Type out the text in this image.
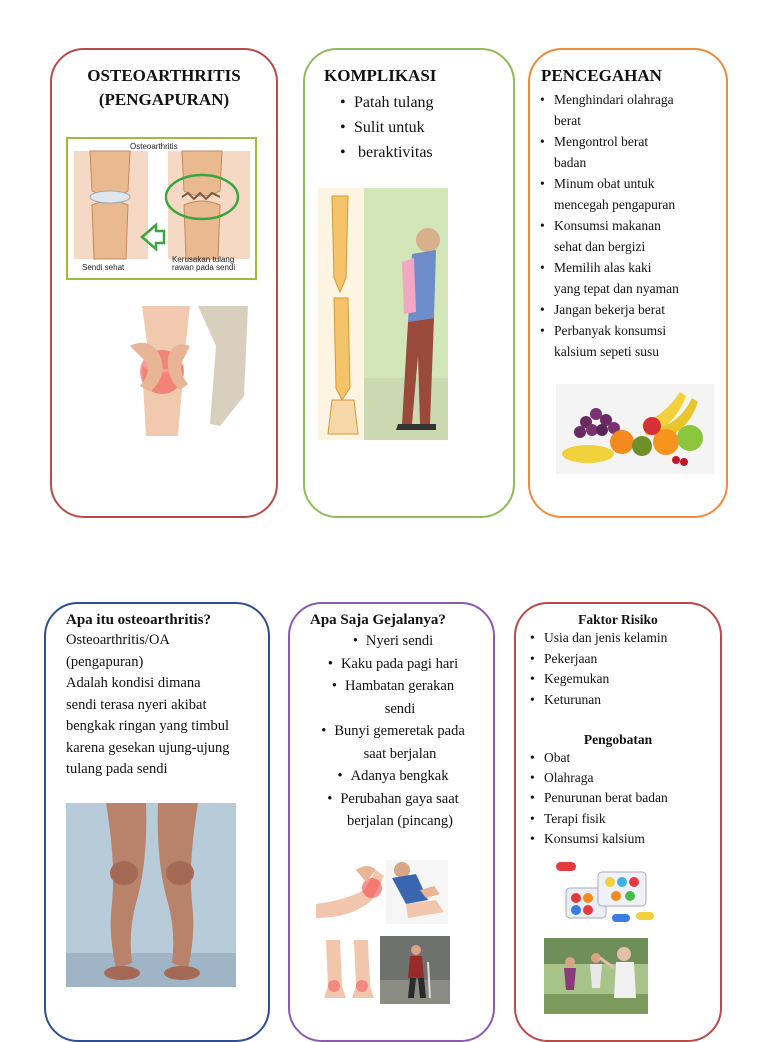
OSTEOARTHRITIS
(PENGAPURAN)
Osteoarthritis
Sendi sehat
Kerusakan tulang
rawan pada sendi
KOMPLIKASI
• Patah tulang
• Sulit untuk
• beraktivitas
PENCEGAHAN
• Menghindari olahraga
berat
• Mengontrol berat
badan
• Minum obat untuk
mencegah pengapuran
• Konsumsi makanan
sehat dan bergizi
• Memilih alas kaki
yang tepat dan nyaman
• Jangan bekerja berat
• Perbanyak konsumsi
kalsium sepeti susu
Apa itu osteoarthritis?
Osteoarthritis/OA
(pengapuran)
Adalah kondisi dimana
sendi terasa nyeri akibat
bengkak ringan yang timbul
karena gesekan ujung-ujung
tulang pada sendi
Apa Saja Gejalanya?
• Nyeri sendi
• Kaku pada pagi hari
• Hambatan gerakan
sendi
• Bunyi gemeretak pada
saat berjalan
• Adanya bengkak
• Perubahan gaya saat
berjalan (pincang)
Faktor Risiko
• Usia dan jenis kelamin
• Pekerjaan
• Kegemukan
• Keturunan
Pengobatan
• Obat
• Olahraga
• Penurunan berat badan
• Terapi fisik
• Konsumsi kalsium
